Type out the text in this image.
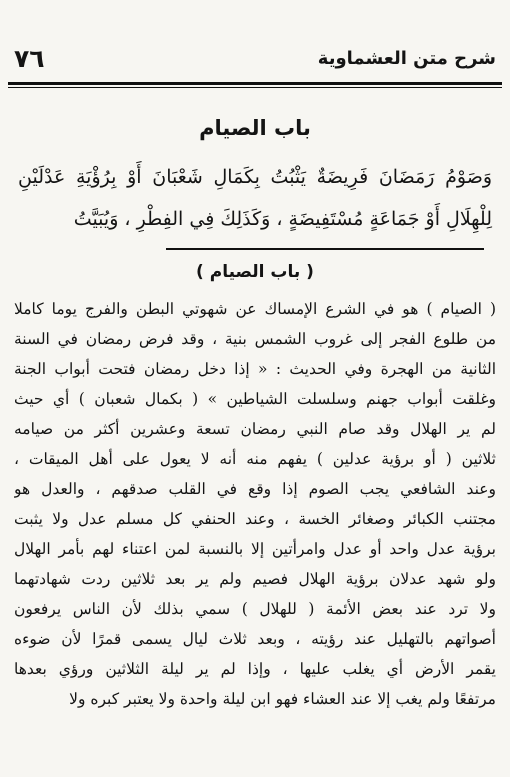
٧٦	شرح متن العشماوية
باب الصيام
وَصَوْمُ رَمَضَانَ فَرِيضَةٌ يَثْبُتُ بِكَمَالِ شَعْبَانَ أَوْ بِرُؤْيَةِ عَدْلَيْنِ لِلْهِلَالِ أَوْ جَمَاعَةٍ مُسْتَفِيضَةٍ ، وَكَذَلِكَ فِي الفِطْرِ ، وَيُبَيَّتُ
( باب الصيام )
( الصيام ) هو في الشرع الإمساك عن شهوتي البطن والفرج يوما كاملا
من طلوع الفجر إلى غروب الشمس بنية ، وقد فرض رمضان في السنة
الثانية من الهجرة وفي الحديث : « إذا دخل رمضان فتحت أبواب الجنة
وغلقت أبواب جهنم وسلسلت الشياطين » ( بكمال شعبان ) أي حيث
لم ير الهلال وقد صام النبي رمضان تسعة وعشرين أكثر من صيامه
ثلاثين ( أو برؤية عدلين ) يفهم منه أنه لا يعول على أهل الميقات ،
وعند الشافعي يجب الصوم إذا وقع في القلب صدقهم ، والعدل هو
مجتنب الكبائر وصغائر الخسة ، وعند الحنفي كل مسلم عدل ولا يثبت
برؤية عدل واحد أو عدل وامرأتين إلا بالنسبة لمن اعتناء لهم بأمر الهلال
ولو شهد عدلان برؤية الهلال فصيم ولم ير بعد ثلاثين ردت شهادتهما
ولا ترد عند بعض الأئمة ( للهلال ) سمي بذلك لأن الناس يرفعون
أصواتهم بالتهليل عند رؤيته ، وبعد ثلاث ليال يسمى قمرًا لأن ضوءه
يقمر الأرض أي يغلب عليها ، وإذا لم ير ليلة الثلاثين ورؤي بعدها
مرتفعًا ولم يغب إلا عند العشاء فهو ابن ليلة واحدة ولا يعتبر كبره ولا
